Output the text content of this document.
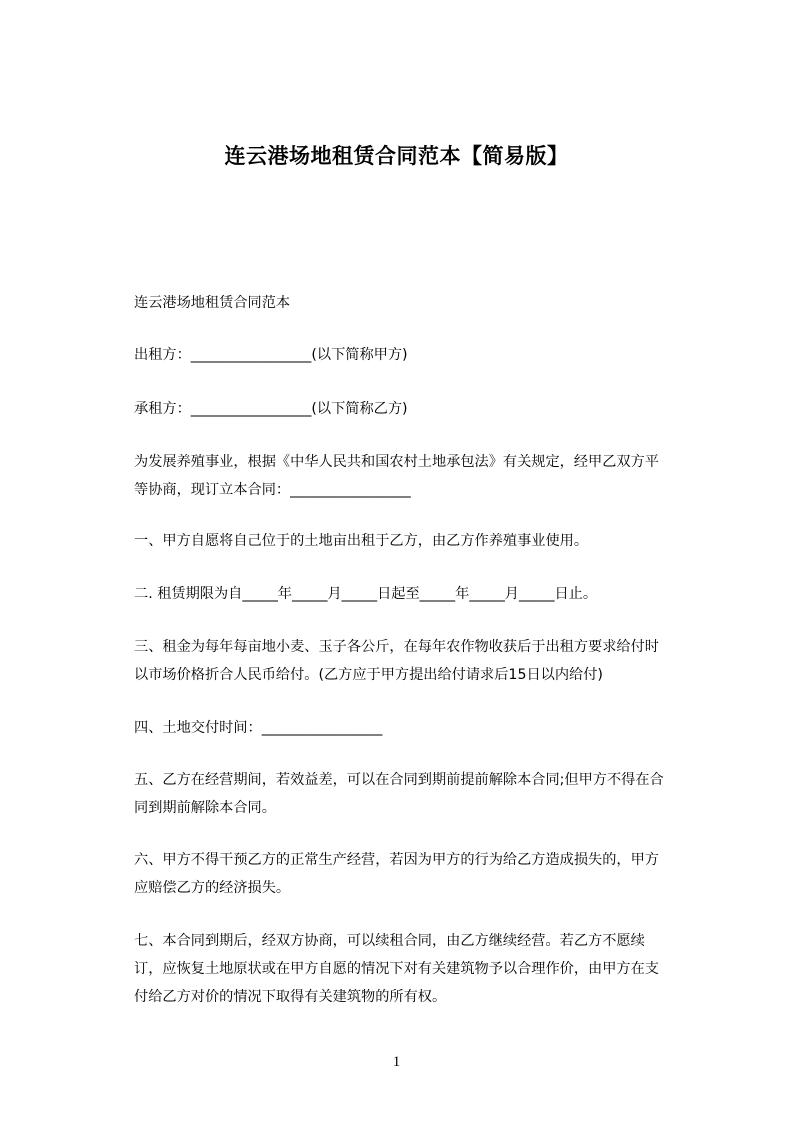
连云港场地租赁合同范本【简易版】

连云港场地租赁合同范本

出租方：_________________(以下简称甲方)

承租方：_________________(以下简称乙方)

为发展养殖事业，根据《中华人民共和国农村土地承包法》有关规定，经甲乙双方平等协商，现订立本合同：_________________

一、甲方自愿将自己位于的土地亩出租于乙方，由乙方作养殖事业使用。

二. 租赁期限为自_____年_____月_____日起至_____年_____月_____日止。

三、租金为每年每亩地小麦、玉子各公斤，在每年农作物收获后于出租方要求给付时以市场价格折合人民币给付。(乙方应于甲方提出给付请求后15日以内给付)

四、土地交付时间：_________________

五、乙方在经营期间，若效益差，可以在合同到期前提前解除本合同;但甲方不得在合同到期前解除本合同。

六、甲方不得干预乙方的正常生产经营，若因为甲方的行为给乙方造成损失的，甲方应赔偿乙方的经济损失。

七、本合同到期后，经双方协商，可以续租合同，由乙方继续经营。若乙方不愿续订，应恢复土地原状或在甲方自愿的情况下对有关建筑物予以合理作价，由甲方在支付给乙方对价的情况下取得有关建筑物的所有权。

1
